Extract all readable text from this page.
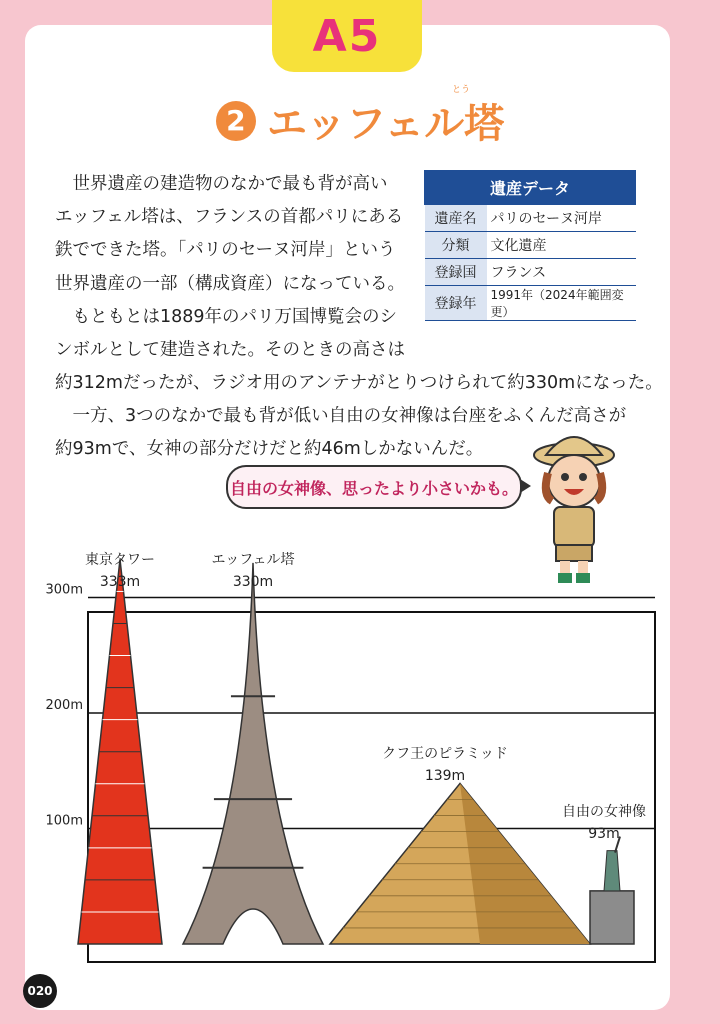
A5
2 エッフェル塔
とう

　世界遺産の建造物のなかで最も背が高い

エッフェル塔は、フランスの首都パリにある

鉄でできた塔。「パリのセーヌ河岸」という

世界遺産の一部（構成資産）になっている。

　もともとは1889年のパリ万国博覧会のシ

ンボルとして建造された。そのときの高さは

約312mだったが、ラジオ用のアンテナがとりつけられて約330mになった。

　一方、3つのなかで最も背が低い自由の女神像は台座をふくんだ高さが

約93mで、女神の部分だけだと約46mしかないんだ。

遺産データ	
遺産名	パリのセーヌ河岸
分類	文化遺産
登録国	フランス
登録年	1991年（2024年範囲変更）
自由の女神像、思ったより小さいかも。
020
100m
200m
300m
東京タワー
333m
エッフェル塔
330m
クフ王のピラミッド
139m
自由の女神像
93m
